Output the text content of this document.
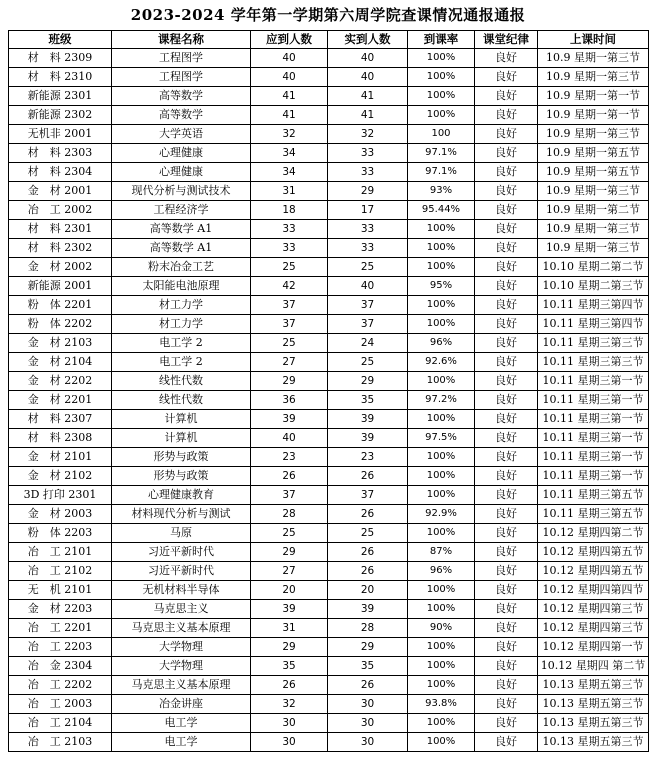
2023-2024 学年第一学期第六周学院查课情况通报通报
班级	课程名称	应到人数	实到人数	到课率	课堂纪律	上课时间
材　料 2309	工程图学	40	40	100%	良好	10.9 星期一第三节
材　料 2310	工程图学	40	40	100%	良好	10.9 星期一第三节
新能源 2301	高等数学	41	41	100%	良好	10.9 星期一第一节
新能源 2302	高等数学	41	41	100%	良好	10.9 星期一第一节
无机非 2001	大学英语	32	32	100	良好	10.9 星期一第三节
材　料 2303	心理健康	34	33	97.1%	良好	10.9 星期一第五节
材　料 2304	心理健康	34	33	97.1%	良好	10.9 星期一第五节
金　材 2001	现代分析与测试技术	31	29	93%	良好	10.9 星期一第三节
冶　工 2002	工程经济学	18	17	95.44%	良好	10.9 星期一第二节
材　料 2301	高等数学 A1	33	33	100%	良好	10.9 星期一第三节
材　料 2302	高等数学 A1	33	33	100%	良好	10.9 星期一第三节
金　材 2002	粉末冶金工艺	25	25	100%	良好	10.10 星期二第二节
新能源 2001	太阳能电池原理	42	40	95%	良好	10.10 星期二第三节
粉　体 2201	材工力学	37	37	100%	良好	10.11 星期三第四节
粉　体 2202	材工力学	37	37	100%	良好	10.11 星期三第四节
金　材 2103	电工学 2	25	24	96%	良好	10.11 星期三第三节
金　材 2104	电工学 2	27	25	92.6%	良好	10.11 星期三第三节
金　材 2202	线性代数	29	29	100%	良好	10.11 星期三第一节
金　材 2201	线性代数	36	35	97.2%	良好	10.11 星期三第一节
材　料 2307	计算机	39	39	100%	良好	10.11 星期三第一节
材　料 2308	计算机	40	39	97.5%	良好	10.11 星期三第一节
金　材 2101	形势与政策	23	23	100%	良好	10.11 星期三第一节
金　材 2102	形势与政策	26	26	100%	良好	10.11 星期三第一节
3D 打印 2301	心理健康教育	37	37	100%	良好	10.11 星期三第五节
金　材 2003	材料现代分析与测试	28	26	92.9%	良好	10.11 星期三第五节
粉　体 2203	马原	25	25	100%	良好	10.12 星期四第二节
冶　工 2101	习近平新时代	29	26	87%	良好	10.12 星期四第五节
冶　工 2102	习近平新时代	27	26	96%	良好	10.12 星期四第五节
无　机 2101	无机材料半导体	20	20	100%	良好	10.12 星期四第四节
金　材 2203	马克思主义	39	39	100%	良好	10.12 星期四第三节
冶　工 2201	马克思主义基本原理	31	28	90%	良好	10.12 星期四第三节
冶　工 2203	大学物理	29	29	100%	良好	10.12 星期四第一节
冶　金 2304	大学物理	35	35	100%	良好	10.12 星期四 第二节
冶　工 2202	马克思主义基本原理	26	26	100%	良好	10.13 星期五第三节
冶　工 2003	冶金讲座	32	30	93.8%	良好	10.13 星期五第三节
冶　工 2104	电工学	30	30	100%	良好	10.13 星期五第三节
冶　工 2103	电工学	30	30	100%	良好	10.13 星期五第三节
